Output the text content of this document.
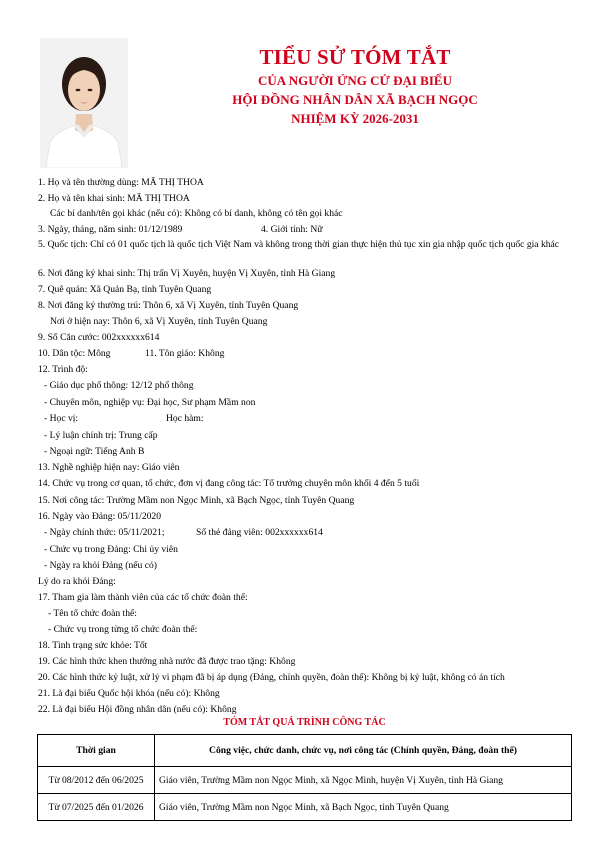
TIỂU SỬ TÓM TẮT
CỦA NGƯỜI ỨNG CỬ ĐẠI BIỂU
HỘI ĐỒNG NHÂN DÂN XÃ BẠCH NGỌC
NHIỆM KỲ 2026-2031
1. Họ và tên thường dùng: MÃ THỊ THOA
2. Họ và tên khai sinh: MÃ THỊ THOA
Các bí danh/tên gọi khác (nếu có): Không có bí danh, không có tên gọi khác
3. Ngày, tháng, năm sinh: 01/12/1989	4. Giới tính: Nữ
5. Quốc tịch: Chỉ có 01 quốc tịch là quốc tịch Việt Nam và không trong thời gian thực hiện thủ tục xin gia nhập quốc tịch quốc gia khác
6. Nơi đăng ký khai sinh: Thị trấn Vị Xuyên, huyện Vị Xuyên, tỉnh Hà Giang
7. Quê quán: Xã Quản Bạ, tỉnh Tuyên Quang
8. Nơi đăng ký thường trú: Thôn 6, xã Vị Xuyên, tỉnh Tuyên Quang
Nơi ở hiện nay: Thôn 6, xã Vị Xuyên, tỉnh Tuyên Quang
9. Số Căn cước: 002xxxxxx614
10. Dân tộc: Mông	11. Tôn giáo: Không
12. Trình độ:
- Giáo dục phổ thông: 12/12 phổ thông
- Chuyên môn, nghiệp vụ: Đại học, Sư phạm Mầm non
- Học vị:	Học hàm:
- Lý luận chính trị: Trung cấp
- Ngoại ngữ: Tiếng Anh B
13. Nghề nghiệp hiện nay: Giáo viên
14. Chức vụ trong cơ quan, tổ chức, đơn vị đang công tác: Tổ trưởng chuyên môn khối 4 đến 5 tuổi
15. Nơi công tác: Trường Mầm non Ngọc Minh, xã Bạch Ngọc, tỉnh Tuyên Quang
16. Ngày vào Đảng: 05/11/2020
- Ngày chính thức: 05/11/2021;	Số thẻ đảng viên: 002xxxxxx614
- Chức vụ trong Đảng: Chi ủy viên
- Ngày ra khỏi Đảng (nếu có)
Lý do ra khỏi Đảng:
17. Tham gia làm thành viên của các tổ chức đoàn thể:
- Tên tổ chức đoàn thể:
- Chức vụ trong từng tổ chức đoàn thể:
18. Tình trạng sức khỏe: Tốt
19. Các hình thức khen thưởng nhà nước đã được trao tặng: Không
20. Các hình thức kỷ luật, xử lý vi phạm đã bị áp dụng (Đảng, chính quyền, đoàn thể): Không bị kỷ luật, không có án tích
21. Là đại biểu Quốc hội khóa (nếu có): Không
22. Là đại biểu Hội đồng nhân dân (nếu có): Không
TÓM TẮT QUÁ TRÌNH CÔNG TÁC
Thời gian	Công việc, chức danh, chức vụ, nơi công tác (Chính quyền, Đảng, đoàn thể)
Từ 08/2012 đến 06/2025	Giáo viên, Trường Mầm non Ngọc Minh, xã Ngọc Minh, huyện Vị Xuyên, tỉnh Hà Giang
Từ 07/2025 đến 01/2026	Giáo viên, Trường Mầm non Ngọc Minh, xã Bạch Ngọc, tỉnh Tuyên Quang
